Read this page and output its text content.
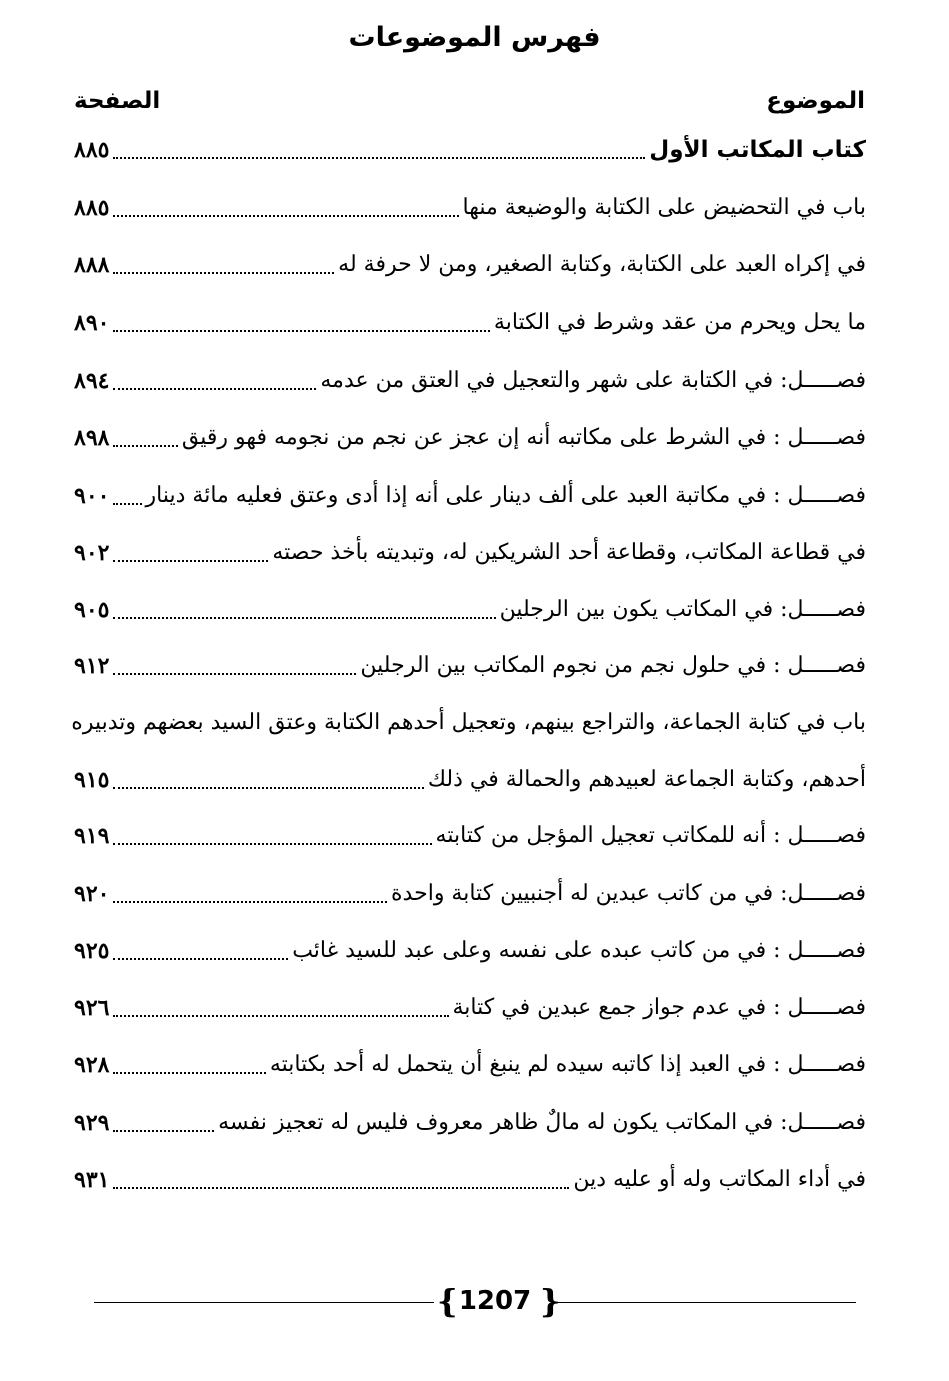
فهرس الموضوعات
الموضوع
الصفحة
كتاب المكاتب الأول
٨٨٥
باب في التحضيض على الكتابة والوضيعة منها
٨٨٥
في إكراه العبد على الكتابة، وكتابة الصغير، ومن لا حرفة له
٨٨٨
ما يحل ويحرم من عقد وشرط في الكتابة
٨٩٠
فصـــــل: في الكتابة على شهر والتعجيل في العتق من عدمه
٨٩٤
فصـــــل : في الشرط على مكاتبه أنه إن عجز عن نجم من نجومه فهو رقيق
٨٩٨
فصـــــل : في مكاتبة العبد على ألف دينار على أنه إذا أدى وعتق فعليه مائة دينار
٩٠٠
في قطاعة المكاتب، وقطاعة أحد الشريكين له، وتبديته بأخذ حصته
٩٠٢
فصـــــل: في المكاتب يكون بين الرجلين
٩٠٥
فصـــــل : في حلول نجم من نجوم المكاتب بين الرجلين
٩١٢
باب في كتابة الجماعة، والتراجع بينهم، وتعجيل أحدهم الكتابة وعتق السيد بعضهم وتدبيره
أحدهم، وكتابة الجماعة لعبيدهم والحمالة في ذلك
٩١٥
فصـــــل : أنه للمكاتب تعجيل المؤجل من كتابته
٩١٩
فصـــــل: في من كاتب عبدين له أجنبيين كتابة واحدة
٩٢٠
فصـــــل : في من كاتب عبده على نفسه وعلى عبد للسيد غائب
٩٢٥
فصـــــل : في عدم جواز جمع عبدين في كتابة
٩٢٦
فصـــــل : في العبد إذا كاتبه سيده لم ينبغ أن يتحمل له أحد بكتابته
٩٢٨
فصـــــل: في المكاتب يكون له مالٌ ظاهر معروف فليس له تعجيز نفسه
٩٢٩
في أداء المكاتب وله أو عليه دين
٩٣١
{	}
1207
